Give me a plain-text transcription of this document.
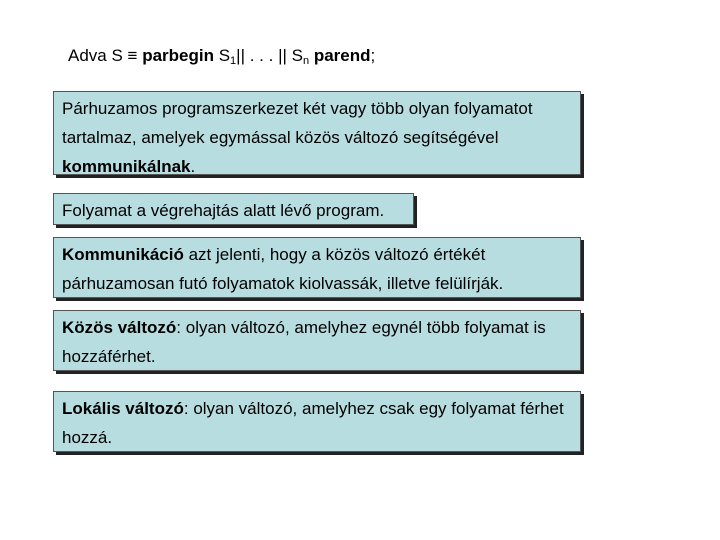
Adva S ≡ parbegin $S_1||$ . . . || $S_n$ parend;
Párhuzamos programszerkezet két vagy több olyan folyamatot tartalmaz, amelyek egymással közös változó segítségével kommunikálnak.
Folyamat a végrehajtás alatt lévő program.
Kommunikáció azt jelenti, hogy a közös változó értékét párhuzamosan futó folyamatok kiolvassák, illetve felülírják.
Közös változó: olyan változó, amelyhez egynél több folyamat is hozzáférhet.
Lokális változó: olyan változó, amelyhez csak egy folyamat férhet hozzá.
